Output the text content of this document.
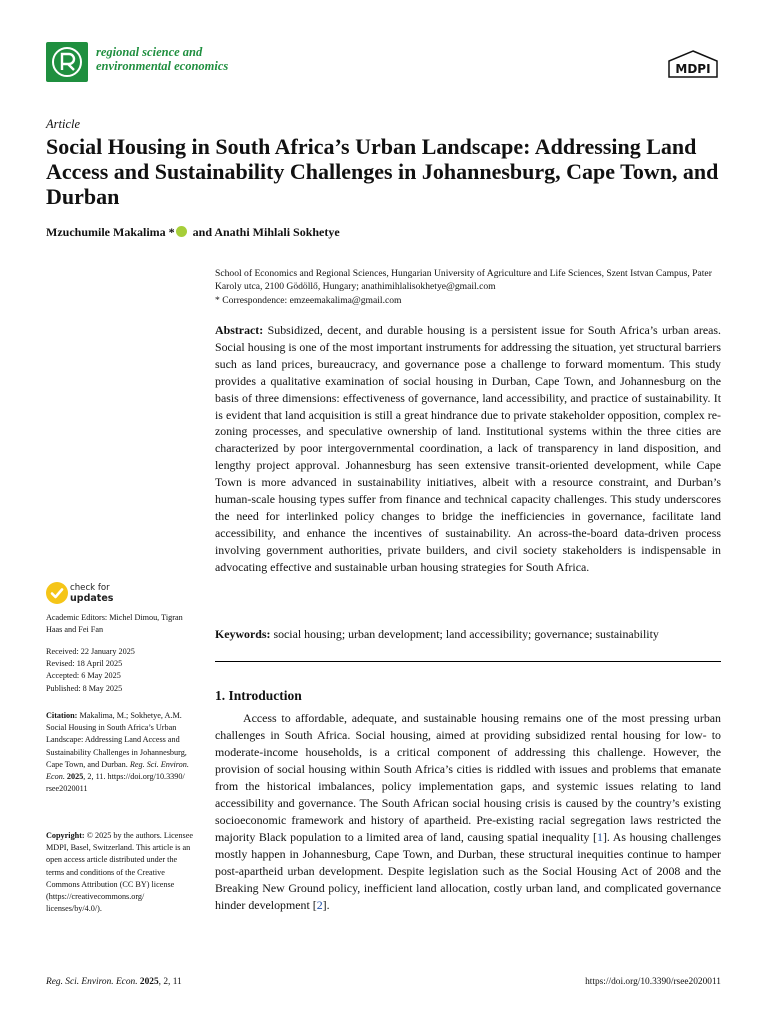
regional science and
environmental economics	MDPI
Article
Social Housing in South Africa’s Urban Landscape: Addressing Land Access and Sustainability Challenges in Johannesburg, Cape Town, and Durban
Mzuchumile Makalima * and Anathi Mihlali Sokhetye
School of Economics and Regional Sciences, Hungarian University of Agriculture and Life Sciences, Szent Istvan Campus, Pater Karoly utca, 2100 Gödöllő, Hungary; anathimihlalisokhetye@gmail.com
* Correspondence: emzeemakalima@gmail.com
Abstract: Subsidized, decent, and durable housing is a persistent issue for South Africa’s urban areas. Social housing is one of the most important instruments for addressing the situation, yet structural barriers such as land prices, bureaucracy, and governance pose a challenge to forward momentum. This study provides a qualitative examination of social housing in Durban, Cape Town, and Johannesburg on the basis of three dimensions: effectiveness of governance, land accessibility, and practice of sustainability. It is evident that land acquisition is still a great hindrance due to private stakeholder opposition, complex rezoning processes, and speculative ownership of land. Institutional systems within the three cities are characterized by poor intergovernmental coordination, a lack of transparency in land disposition, and lengthy project approval. Johannesburg has seen extensive transit-oriented development, while Cape Town is more advanced in sustainability initiatives, albeit with a resource constraint, and Durban’s human-scale housing types suffer from finance and technical capacity challenges. This study underscores the need for interlinked policy changes to bridge the inefficiencies in governance, facilitate land accessibility, and enhance the incentives of sustainability. An across-the-board data-driven process involving government authorities, private builders, and civil society stakeholders is indispensable in advocating effective and sustainable urban housing strategies for South Africa.
Keywords: social housing; urban development; land accessibility; governance; sustainability
1. Introduction
Access to affordable, adequate, and sustainable housing remains one of the most pressing urban challenges in South Africa. Social housing, aimed at providing subsidized rental housing for low- to moderate-income households, is a critical component of addressing this challenge. However, the provision of social housing within South Africa’s cities is riddled with issues and problems that emanate from the historical imbalances, policy implementation gaps, and systemic issues relating to land accessibility and governance. The South African social housing crisis is caused by the country’s existing socioeconomic framework and history of apartheid. Pre-existing racial segregation laws restricted the majority Black population to a limited area of land, causing spatial inequality [1]. As housing challenges mostly happen in Johannesburg, Cape Town, and Durban, these structural inequities continue to hamper post-apartheid urban development. Despite legislation such as the Social Housing Act of 2008 and the Breaking New Ground policy, inefficient land allocation, costly urban land, and complicated governance hinder development [2].
check for
updates
Academic Editors: Michel Dimou, Tigran Haas and Fei Fan
Received: 22 January 2025
Revised: 18 April 2025
Accepted: 6 May 2025
Published: 8 May 2025
Citation: Makalima, M.; Sokhetye, A.M. Social Housing in South Africa’s Urban Landscape: Addressing Land Access and Sustainability Challenges in Johannesburg, Cape Town, and Durban. Reg. Sci. Environ. Econ. 2025, 2, 11. https://doi.org/10.3390/ rsee2020011
Copyright: © 2025 by the authors. Licensee MDPI, Basel, Switzerland. This article is an open access article distributed under the terms and conditions of the Creative Commons Attribution (CC BY) license (https://creativecommons.org/ licenses/by/4.0/).
Reg. Sci. Environ. Econ. 2025, 2, 11	https://doi.org/10.3390/rsee2020011
